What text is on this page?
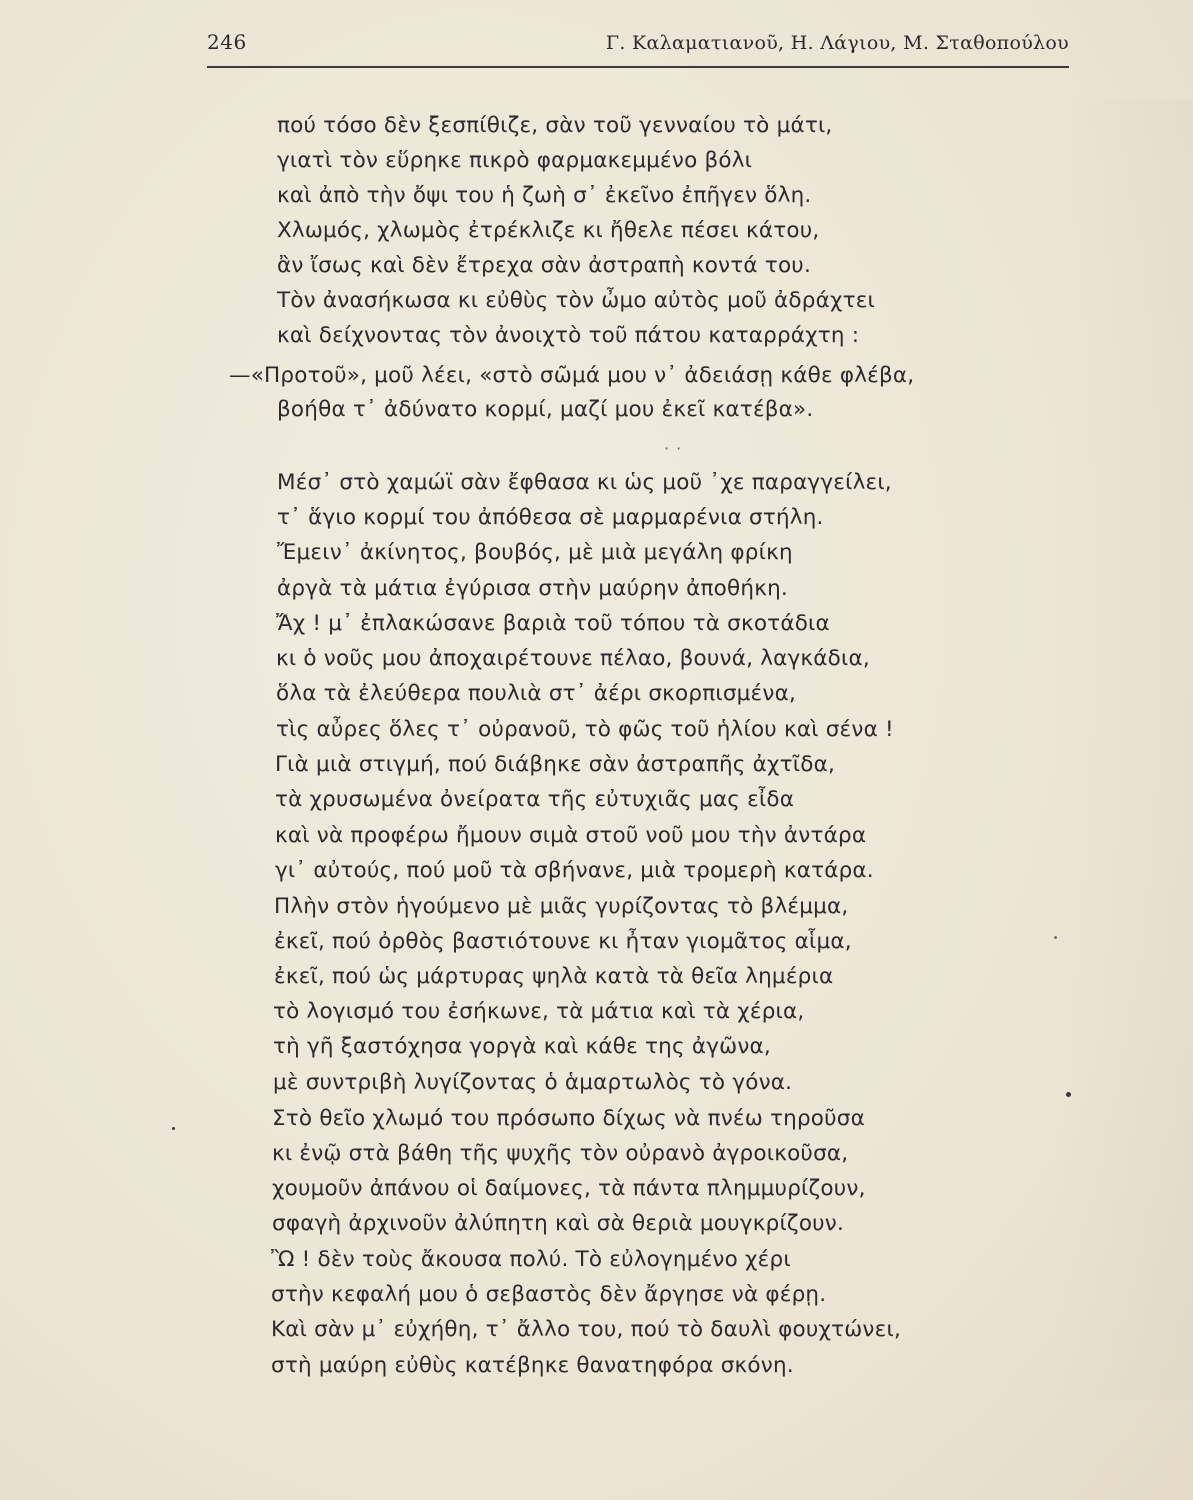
246	Γ. Καλαματιανοῦ, Η. Λάγιου, Μ. Σταθοπούλου
πού τόσο δὲν ξεσπίθιζε, σὰν τοῦ γενναίου τὸ μάτι,
γιατὶ τὸν εὕρηκε πικρὸ φαρμακεμμένο βόλι
καὶ ἀπὸ τὴν ὄψι του ἡ ζωὴ σ᾽ ἐκεῖνο ἐπῆγεν ὅλη.
Χλωμός, χλωμὸς ἐτρέκλιζε κι ἤθελε πέσει κάτου,
ἂν ἴσως καὶ δὲν ἔτρεχα σὰν ἀστραπὴ κοντά του.
Τὸν ἀνασήκωσα κι εὐθὺς τὸν ὦμο αὐτὸς μοῦ ἀδράχτει
καὶ δείχνοντας τὸν ἀνοιχτὸ τοῦ πάτου καταρράχτη :
—«Προτοῦ», μοῦ λέει, «στὸ σῶμά μου ν᾽ ἀδειάσῃ κάθε φλέβα,
βοήθα τ᾽ ἀδύνατο κορμί, μαζί μου ἐκεῖ κατέβα».
· ·
Μέσ᾽ στὸ χαμώϊ σὰν ἔφθασα κι ὡς μοῦ ᾽χε παραγγείλει,
τ᾽ ἅγιο κορμί του ἀπόθεσα σὲ μαρμαρένια στήλη.
Ἔμειν᾽ ἀκίνητος, βουβός, μὲ μιὰ μεγάλη φρίκη
ἀργὰ τὰ μάτια ἐγύρισα στὴν μαύρην ἀποθήκη.
Ἄχ ! μ᾽ ἐπλακώσανε βαριὰ τοῦ τόπου τὰ σκοτάδια
κι ὁ νοῦς μου ἀποχαιρέτουνε πέλαο, βουνά, λαγκάδια,
ὅλα τὰ ἐλεύθερα πουλιὰ στ᾽ ἀέρι σκορπισμένα,
τὶς αὖρες ὅλες τ᾽ οὐρανοῦ, τὸ φῶς τοῦ ἡλίου καὶ σένα !
Γιὰ μιὰ στιγμή, πού διάβηκε σὰν ἀστραπῆς ἀχτῖδα,
τὰ χρυσωμένα ὀνείρατα τῆς εὐτυχιᾶς μας εἶδα
καὶ νὰ προφέρω ἤμουν σιμὰ στοῦ νοῦ μου τὴν ἀντάρα
γι᾽ αὐτούς, πού μοῦ τὰ σβήνανε, μιὰ τρομερὴ κατάρα.
Πλὴν στὸν ἡγούμενο μὲ μιᾶς γυρίζοντας τὸ βλέμμα,
ἐκεῖ, πού ὀρθὸς βαστιότουνε κι ἦταν γιομᾶτος αἷμα,
ἐκεῖ, πού ὡς μάρτυρας ψηλὰ κατὰ τὰ θεῖα λημέρια
τὸ λογισμό του ἐσήκωνε, τὰ μάτια καὶ τὰ χέρια,
τὴ γῆ ξαστόχησα γοργὰ καὶ κάθε της ἀγῶνα,
μὲ συντριβὴ λυγίζοντας ὁ ἁμαρτωλὸς τὸ γόνα.
Στὸ θεῖο χλωμό του πρόσωπο δίχως νὰ πνέω τηροῦσα
κι ἐνῷ στὰ βάθη τῆς ψυχῆς τὸν οὐρανὸ ἀγροικοῦσα,
χουμοῦν ἀπάνου οἱ δαίμονες, τὰ πάντα πλημμυρίζουν,
σφαγὴ ἀρχινοῦν ἀλύπητη καὶ σὰ θεριὰ μουγκρίζουν.
Ὢ ! δὲν τοὺς ἄκουσα πολύ. Τὸ εὐλογημένο χέρι
στὴν κεφαλή μου ὁ σεβαστὸς δὲν ἄργησε νὰ φέρῃ.
Καὶ σὰν μ᾽ εὐχήθη, τ᾽ ἄλλο του, πού τὸ δαυλὶ φουχτώνει,
στὴ μαύρη εὐθὺς κατέβηκε θανατηφόρα σκόνη.
